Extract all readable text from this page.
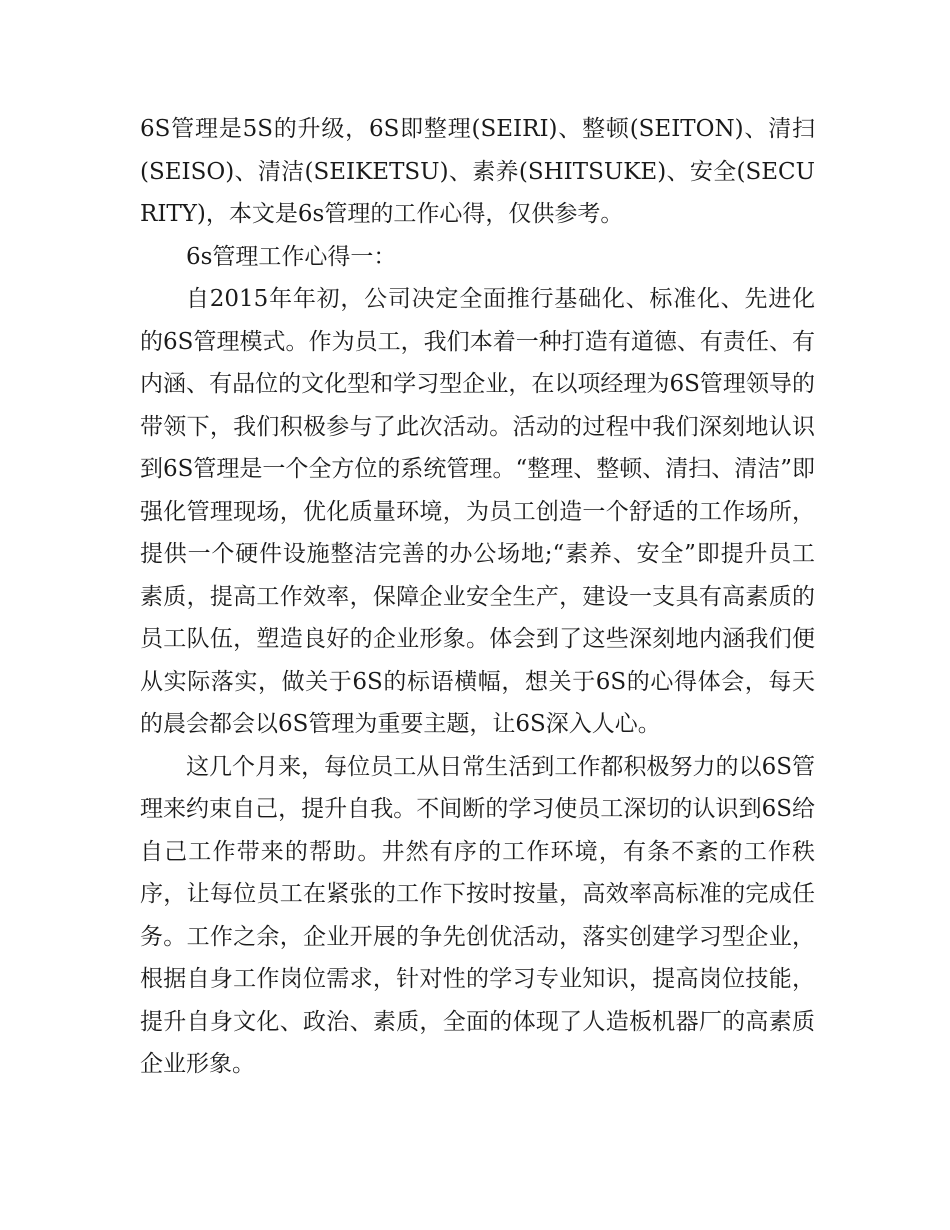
6S管理是5S的升级，6S即整理(SEIRI)、整顿(SEITON)、清扫(SEISO)、清洁(SEIKETSU)、素养(SHITSUKE)、安全(SECURITY)，本文是6s管理的工作心得，仅供参考。

6s管理工作心得一：

自2015年年初，公司决定全面推行基础化、标准化、先进化的6S管理模式。作为员工，我们本着一种打造有道德、有责任、有内涵、有品位的文化型和学习型企业，在以项经理为6S管理领导的带领下，我们积极参与了此次活动。活动的过程中我们深刻地认识到6S管理是一个全方位的系统管理。“整理、整顿、清扫、清洁”即强化管理现场，优化质量环境，为员工创造一个舒适的工作场所，提供一个硬件设施整洁完善的办公场地;“素养、安全”即提升员工素质，提高工作效率，保障企业安全生产，建设一支具有高素质的员工队伍，塑造良好的企业形象。体会到了这些深刻地内涵我们便从实际落实，做关于6S的标语横幅，想关于6S的心得体会，每天的晨会都会以6S管理为重要主题，让6S深入人心。

这几个月来，每位员工从日常生活到工作都积极努力的以6S管理来约束自己，提升自我。不间断的学习使员工深切的认识到6S给自己工作带来的帮助。井然有序的工作环境，有条不紊的工作秩序，让每位员工在紧张的工作下按时按量，高效率高标准的完成任务。工作之余，企业开展的争先创优活动，落实创建学习型企业，根据自身工作岗位需求，针对性的学习专业知识，提高岗位技能，提升自身文化、政治、素质，全面的体现了人造板机器厂的高素质企业形象。
